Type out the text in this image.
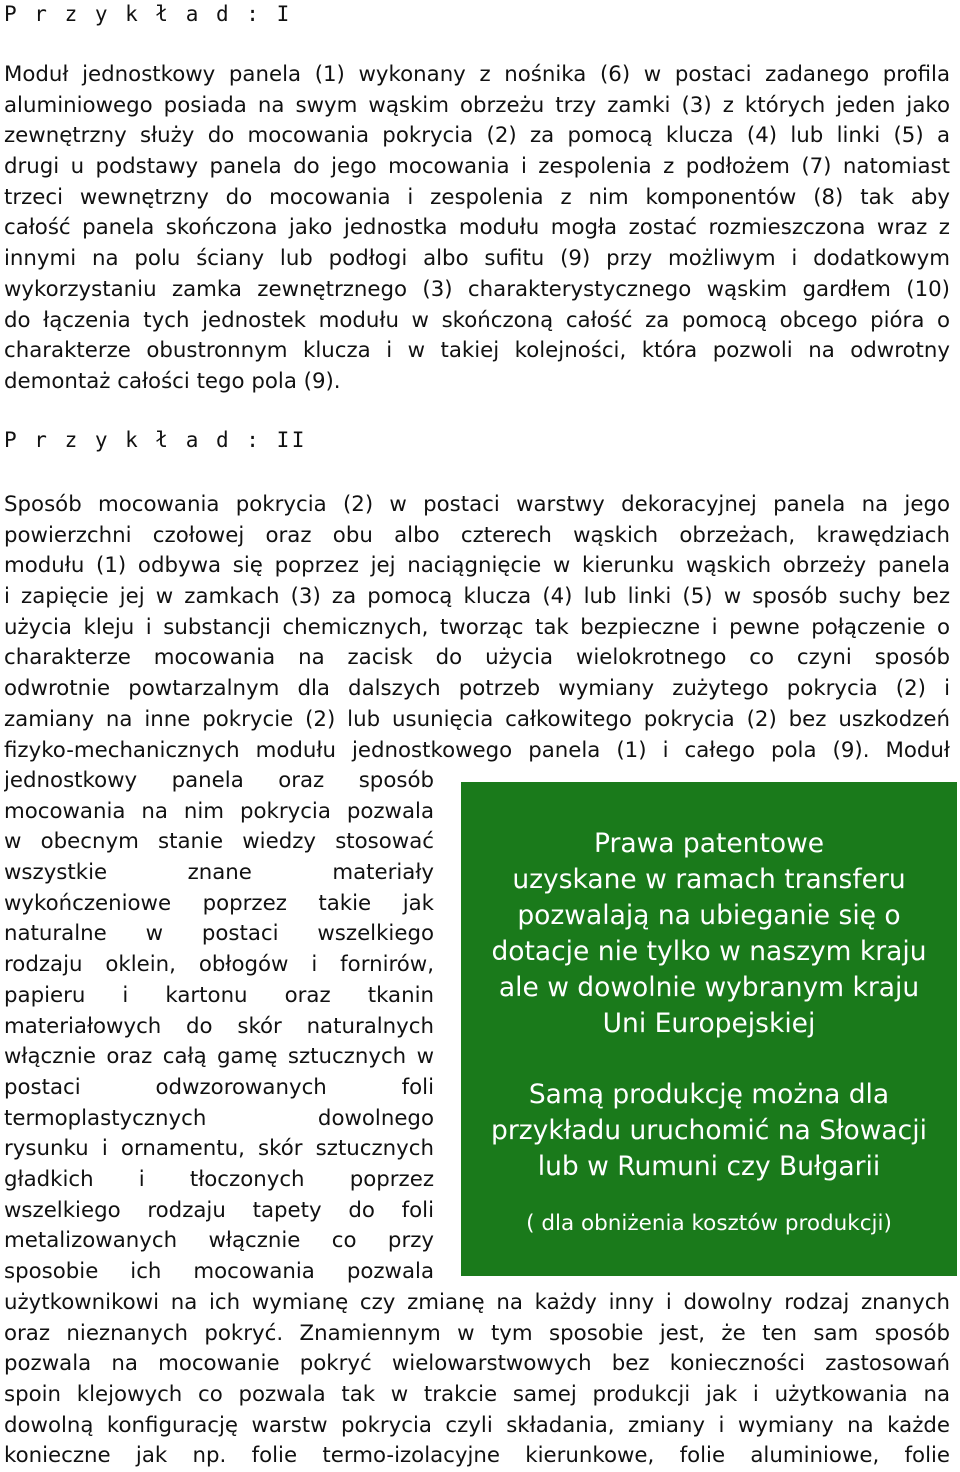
P r z y k ł a d : I
Moduł jednostkowy panela (1) wykonany z nośnika (6) w postaci zadanego profila
aluminiowego posiada na swym wąskim obrzeżu trzy zamki (3) z których jeden jako
zewnętrzny służy do mocowania pokrycia (2) za pomocą klucza (4) lub linki (5) a
drugi u podstawy panela do jego mocowania i zespolenia z podłożem (7) natomiast
trzeci wewnętrzny do mocowania i zespolenia z nim komponentów (8) tak aby
całość panela skończona jako jednostka modułu mogła zostać rozmieszczona wraz z
innymi na polu ściany lub podłogi albo sufitu (9) przy możliwym i dodatkowym
wykorzystaniu zamka zewnętrznego (3) charakterystycznego wąskim gardłem (10)
do łączenia tych jednostek modułu w skończoną całość za pomocą obcego pióra o
charakterze obustronnym klucza i w takiej kolejności, która pozwoli na odwrotny
demontaż całości tego pola (9).
P r z y k ł a d : II
Sposób mocowania pokrycia (2) w postaci warstwy dekoracyjnej panela na jego
powierzchni czołowej oraz obu albo czterech wąskich obrzeżach, krawędziach
modułu (1) odbywa się poprzez jej naciągnięcie w kierunku wąskich obrzeży panela
i zapięcie jej w zamkach (3) za pomocą klucza (4) lub linki (5) w sposób suchy bez
użycia kleju i substancji chemicznych, tworząc tak bezpieczne i pewne połączenie o
charakterze mocowania na zacisk do użycia wielokrotnego co czyni sposób
odwrotnie powtarzalnym dla dalszych potrzeb wymiany zużytego pokrycia (2) i
zamiany na inne pokrycie (2) lub usunięcia całkowitego pokrycia (2) bez uszkodzeń
fizyko-mechanicznych modułu jednostkowego panela (1) i całego pola (9). Moduł
jednostkowy panela oraz sposób
mocowania na nim pokrycia pozwala
w obecnym stanie wiedzy stosować
wszystkie znane materiały
wykończeniowe poprzez takie jak
naturalne w postaci wszelkiego
rodzaju oklein, obłogów i fornirów,
papieru i kartonu oraz tkanin
materiałowych do skór naturalnych
włącznie oraz całą gamę sztucznych w
postaci odwzorowanych foli
termoplastycznych dowolnego
rysunku i ornamentu, skór sztucznych
gładkich i tłoczonych poprzez
wszelkiego rodzaju tapety do foli
metalizowanych włącznie co przy
sposobie ich mocowania pozwala
użytkownikowi na ich wymianę czy zmianę na każdy inny i dowolny rodzaj znanych
oraz nieznanych pokryć. Znamiennym w tym sposobie jest, że ten sam sposób
pozwala na mocowanie pokryć wielowarstwowych bez konieczności zastosowań
spoin klejowych co pozwala tak w trakcie samej produkcji jak i użytkowania na
dowolną konfigurację warstw pokrycia czyli składania, zmiany i wymiany na każde
konieczne jak np. folie termo-izolacyjne kierunkowe, folie aluminiowe, folie
Prawa patentowe
uzyskane w ramach transferu
pozwalają na ubieganie się o
dotacje nie tylko w naszym kraju
ale w dowolnie wybranym kraju
Uni Europejskiej
Samą produkcję można dla
przykładu uruchomić na Słowacji
lub w Rumuni czy Bułgarii
( dla obniżenia kosztów produkcji)
